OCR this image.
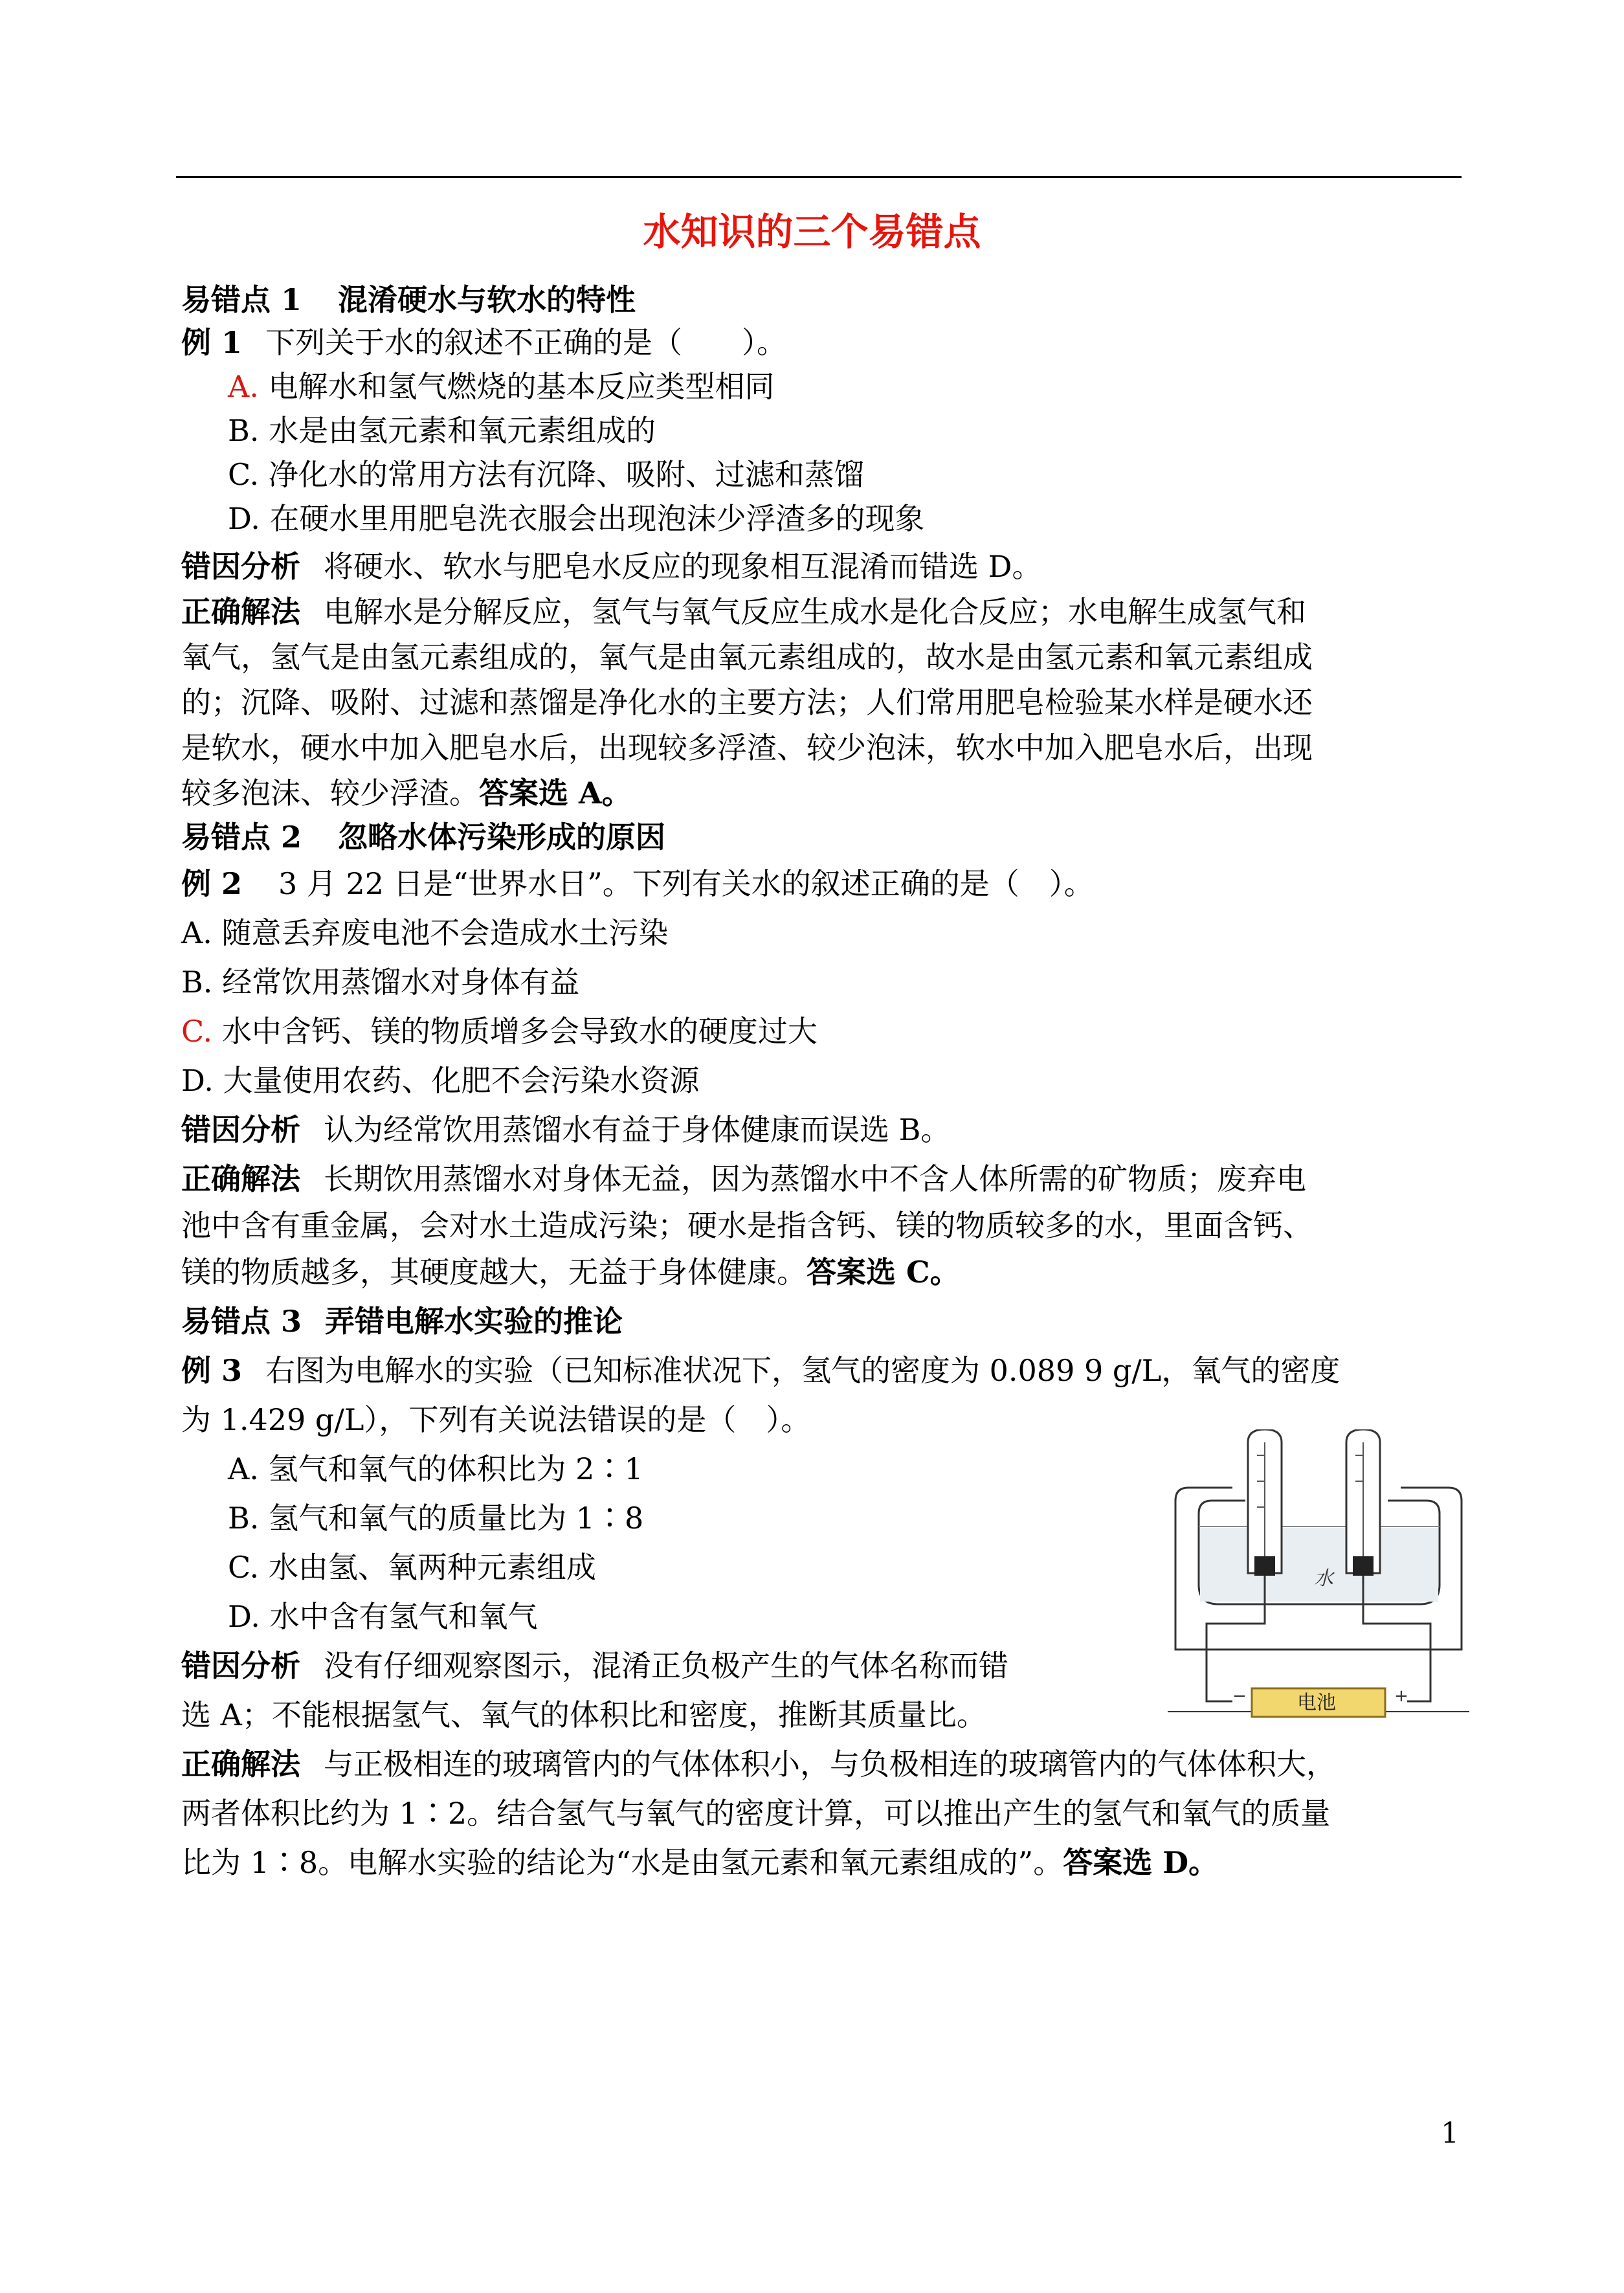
水知识的三个易错点
易错点 1 混淆硬水与软水的特性
例 1 下列关于水的叙述不正确的是（　　）。
A. 电解水和氢气燃烧的基本反应类型相同
B. 水是由氢元素和氧元素组成的
C. 净化水的常用方法有沉降、吸附、过滤和蒸馏
D. 在硬水里用肥皂洗衣服会出现泡沫少浮渣多的现象
错因分析 将硬水、软水与肥皂水反应的现象相互混淆而错选 D。
正确解法 电解水是分解反应，氢气与氧气反应生成水是化合反应；水电解生成氢气和
氧气，氢气是由氢元素组成的，氧气是由氧元素组成的，故水是由氢元素和氧元素组成
的；沉降、吸附、过滤和蒸馏是净化水的主要方法；人们常用肥皂检验某水样是硬水还
是软水，硬水中加入肥皂水后，出现较多浮渣、较少泡沫，软水中加入肥皂水后，出现
较多泡沫、较少浮渣。答案选 A。
易错点 2 忽略水体污染形成的原因
例 2 3 月 22 日是“世界水日”。下列有关水的叙述正确的是（　）。
A. 随意丢弃废电池不会造成水土污染
B. 经常饮用蒸馏水对身体有益
C. 水中含钙、镁的物质增多会导致水的硬度过大
D. 大量使用农药、化肥不会污染水资源
错因分析 认为经常饮用蒸馏水有益于身体健康而误选 B。
正确解法 长期饮用蒸馏水对身体无益，因为蒸馏水中不含人体所需的矿物质；废弃电
池中含有重金属，会对水土造成污染；硬水是指含钙、镁的物质较多的水，里面含钙、
镁的物质越多，其硬度越大，无益于身体健康。答案选 C。
易错点 3 弄错电解水实验的推论
例 3 右图为电解水的实验（已知标准状况下，氢气的密度为 0.089 9 g/L，氧气的密度
为 1.429 g/L），下列有关说法错误的是（　）。
A. 氢气和氧气的体积比为 2∶1
B. 氢气和氧气的质量比为 1∶8
C. 水由氢、氧两种元素组成
D. 水中含有氢气和氧气
错因分析 没有仔细观察图示，混淆正负极产生的气体名称而错
选 A；不能根据氢气、氧气的体积比和密度，推断其质量比。
正确解法 与正极相连的玻璃管内的气体体积小，与负极相连的玻璃管内的气体体积大，
两者体积比约为 1∶2。结合氢气与氧气的密度计算，可以推出产生的氢气和氧气的质量
比为 1∶8。电解水实验的结论为“水是由氢元素和氧元素组成的”。答案选 D。
水
电池
−	+
1
